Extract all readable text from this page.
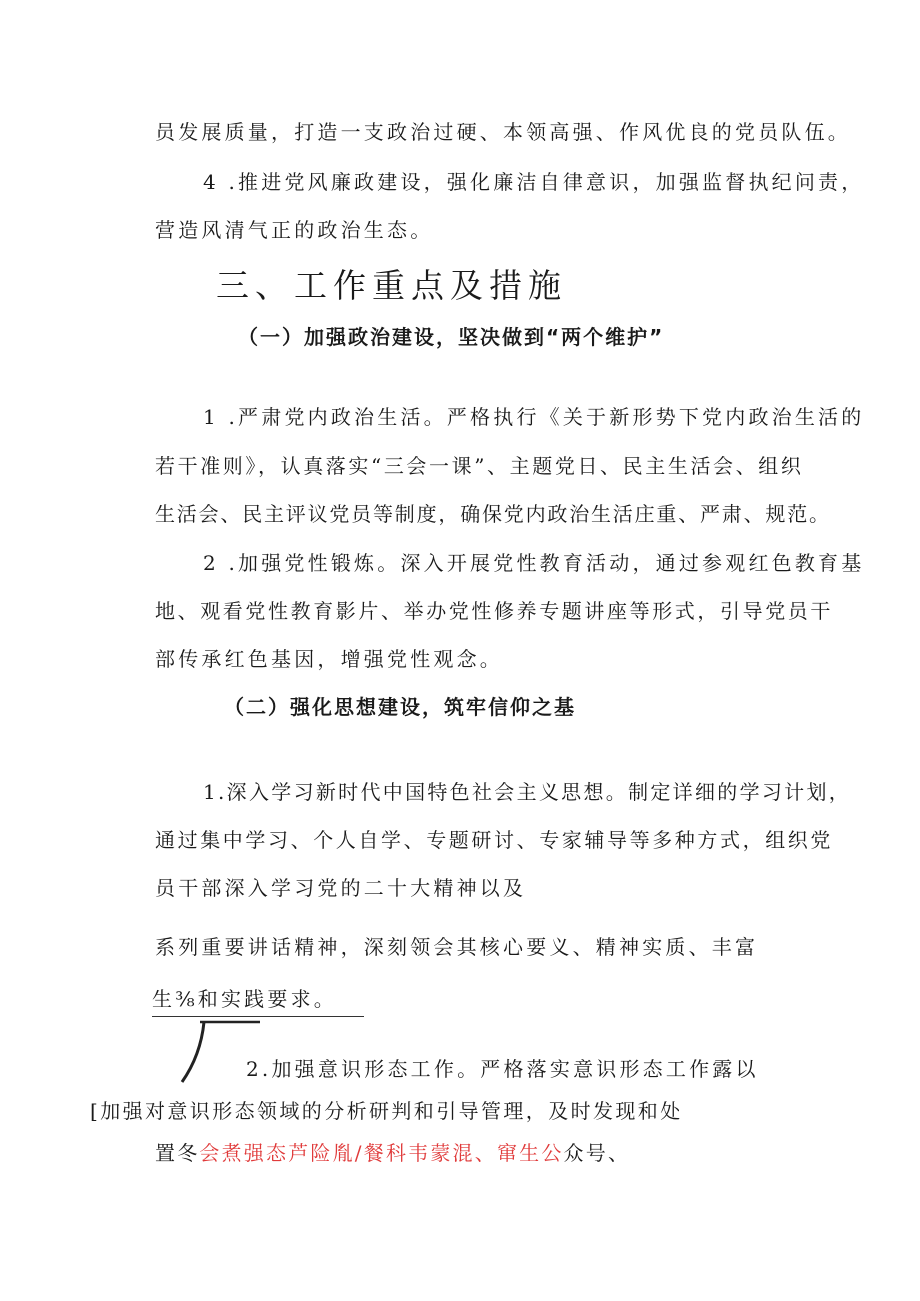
员发展质量，打造一支政治过硬、本领高强、作风优良的党员队伍。
4 .推进党风廉政建设，强化廉洁自律意识，加强监督执纪问责，
营造风清气正的政治生态。
三、工作重点及措施
（一）加强政治建设，坚决做到“两个维护”
1 .严肃党内政治生活。严格执行《关于新形势下党内政治生活的
若干准则》，认真落实“三会一课”、主题党日、民主生活会、组织
生活会、民主评议党员等制度，确保党内政治生活庄重、严肃、规范。
2 .加强党性锻炼。深入开展党性教育活动，通过参观红色教育基
地、观看党性教育影片、举办党性修养专题讲座等形式，引导党员干
部传承红色基因，增强党性观念。
（二）强化思想建设，筑牢信仰之基
1.深入学习新时代中国特色社会主义思想。制定详细的学习计划，
通过集中学习、个人自学、专题研讨、专家辅导等多种方式，组织党
员干部深入学习党的二十大精神以及
系列重要讲话精神，深刻领会其核心要义、精神实质、丰富
生⅜和实践要求。
2.加强意识形态工作。严格落实意识形态工作露以
[加强对意识形态领域的分析研判和引导管理，及时发现和处
置冬会煮强态芦险胤/餐科韦蒙混、窜生公众号、
